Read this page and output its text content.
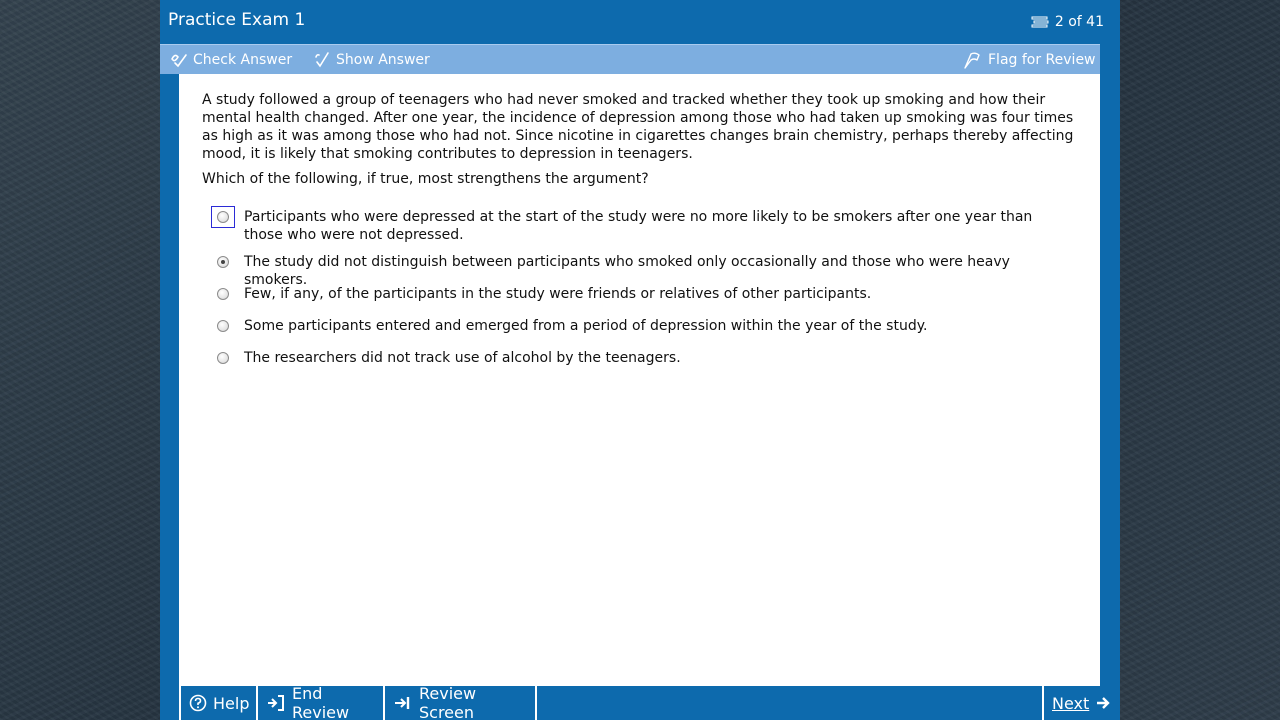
Practice Exam 1	2 of 41
Check Answer	Show Answer	Flag for Review
A study followed a group of teenagers who had never smoked and tracked whether they took up smoking and how their mental health changed. After one year, the incidence of depression among those who had taken up smoking was four times as high as it was among those who had not. Since nicotine in cigarettes changes brain chemistry, perhaps thereby affecting mood, it is likely that smoking contributes to depression in teenagers.
Which of the following, if true, most strengthens the argument?
Participants who were depressed at the start of the study were no more likely to be smokers after one year than those who were not depressed.
The study did not distinguish between participants who smoked only occasionally and those who were heavy smokers.
Few, if any, of the participants in the study were friends or relatives of other participants.
Some participants entered and emerged from a period of depression within the year of the study.
The researchers did not track use of alcohol by the teenagers.
Help	End Review
Review Screen	Next
